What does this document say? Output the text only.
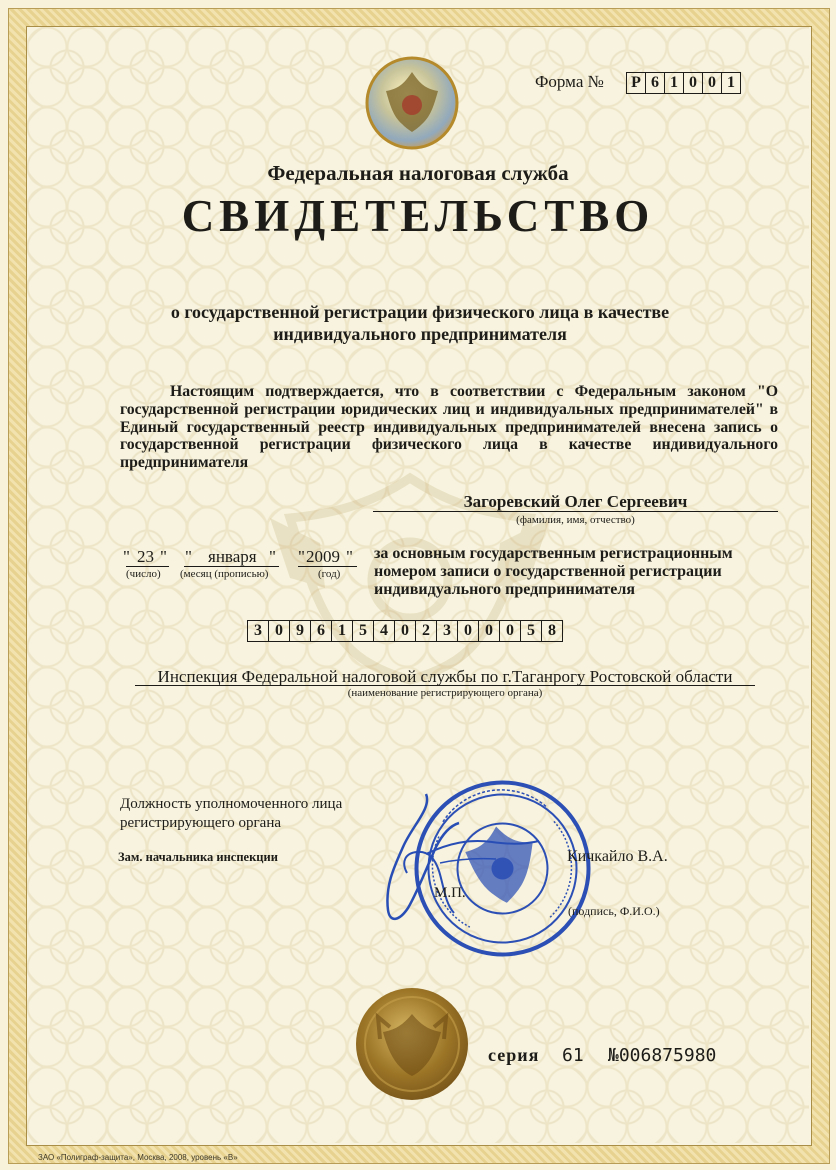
Форма № Р 6 1 0 0 1
Федеральная налоговая служба
СВИДЕТЕЛЬСТВО
о государственной регистрации физического лица в качестве индивидуального предпринимателя
Настоящим подтверждается, что в соответствии с Федеральным законом "О государственной регистрации юридических лиц и индивидуальных предпринимателей" в Единый государственный реестр индивидуальных предпринимателей внесена запись о государственной регистрации физического лица в качестве индивидуального предпринимателя
Загоревский Олег Сергеевич
(фамилия, имя, отчество)
" 23 "
(число)
" января "
(месяц (прописью)
" 2009 "
(год)
за основным государственным регистрационным номером записи о государственной регистрации индивидуального предпринимателя
3 0 9 6 1 5 4 0 2 3 0 0 0 5 8
Инспекция Федеральной налоговой службы по г.Таганрогу Ростовской области
(наименование регистрирующего органа)
Должность уполномоченного лица регистрирующего органа
Зам. начальника инспекции	Кичкайло В.А.
М.П.
(подпись, Ф.И.О.)
серия 61 №006875980
ЗАО «Полиграф-защита», Москва, 2008, уровень «В»
